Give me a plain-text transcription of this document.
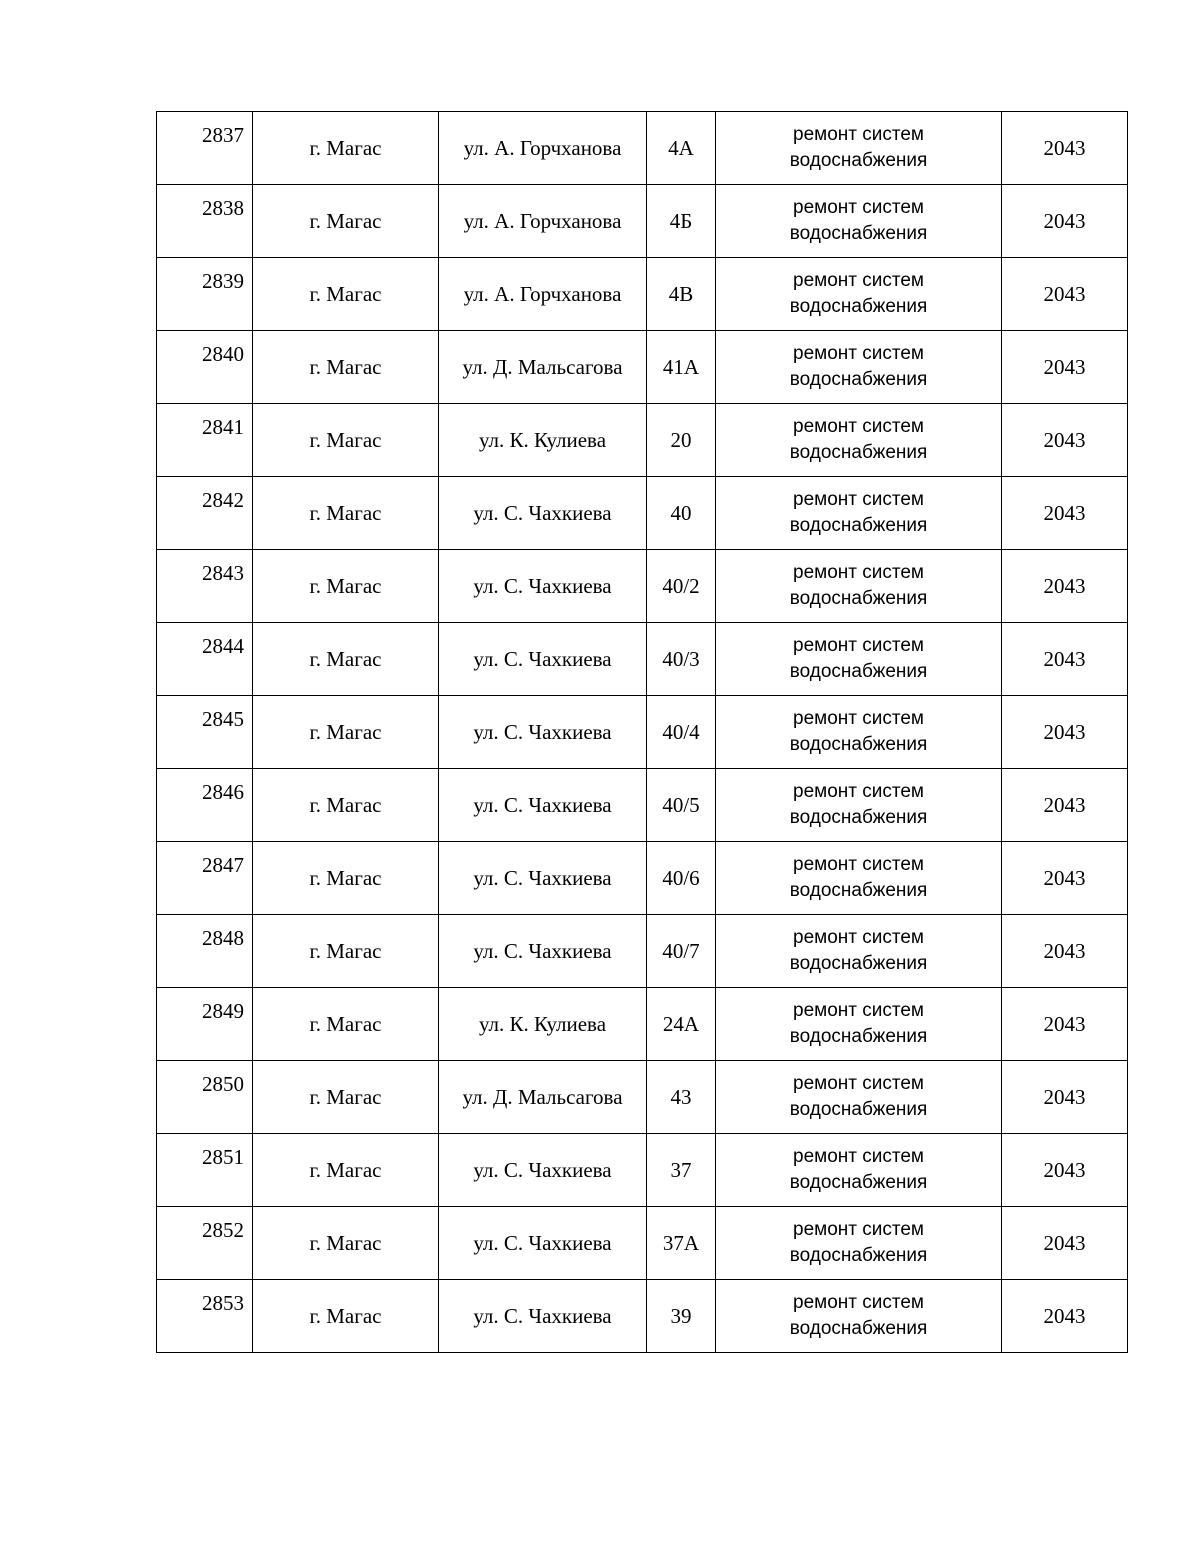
2837	г. Магас	ул. А. Горчханова	4А	ремонт систем
водоснабжения	2043
2838	г. Магас	ул. А. Горчханова	4Б	ремонт систем
водоснабжения	2043
2839	г. Магас	ул. А. Горчханова	4В	ремонт систем
водоснабжения	2043
2840	г. Магас	ул. Д. Мальсагова	41А	ремонт систем
водоснабжения	2043
2841	г. Магас	ул. К. Кулиева	20	ремонт систем
водоснабжения	2043
2842	г. Магас	ул. С. Чахкиева	40	ремонт систем
водоснабжения	2043
2843	г. Магас	ул. С. Чахкиева	40/2	ремонт систем
водоснабжения	2043
2844	г. Магас	ул. С. Чахкиева	40/3	ремонт систем
водоснабжения	2043
2845	г. Магас	ул. С. Чахкиева	40/4	ремонт систем
водоснабжения	2043
2846	г. Магас	ул. С. Чахкиева	40/5	ремонт систем
водоснабжения	2043
2847	г. Магас	ул. С. Чахкиева	40/6	ремонт систем
водоснабжения	2043
2848	г. Магас	ул. С. Чахкиева	40/7	ремонт систем
водоснабжения	2043
2849	г. Магас	ул. К. Кулиева	24А	ремонт систем
водоснабжения	2043
2850	г. Магас	ул. Д. Мальсагова	43	ремонт систем
водоснабжения	2043
2851	г. Магас	ул. С. Чахкиева	37	ремонт систем
водоснабжения	2043
2852	г. Магас	ул. С. Чахкиева	37А	ремонт систем
водоснабжения	2043
2853	г. Магас	ул. С. Чахкиева	39	ремонт систем
водоснабжения	2043
